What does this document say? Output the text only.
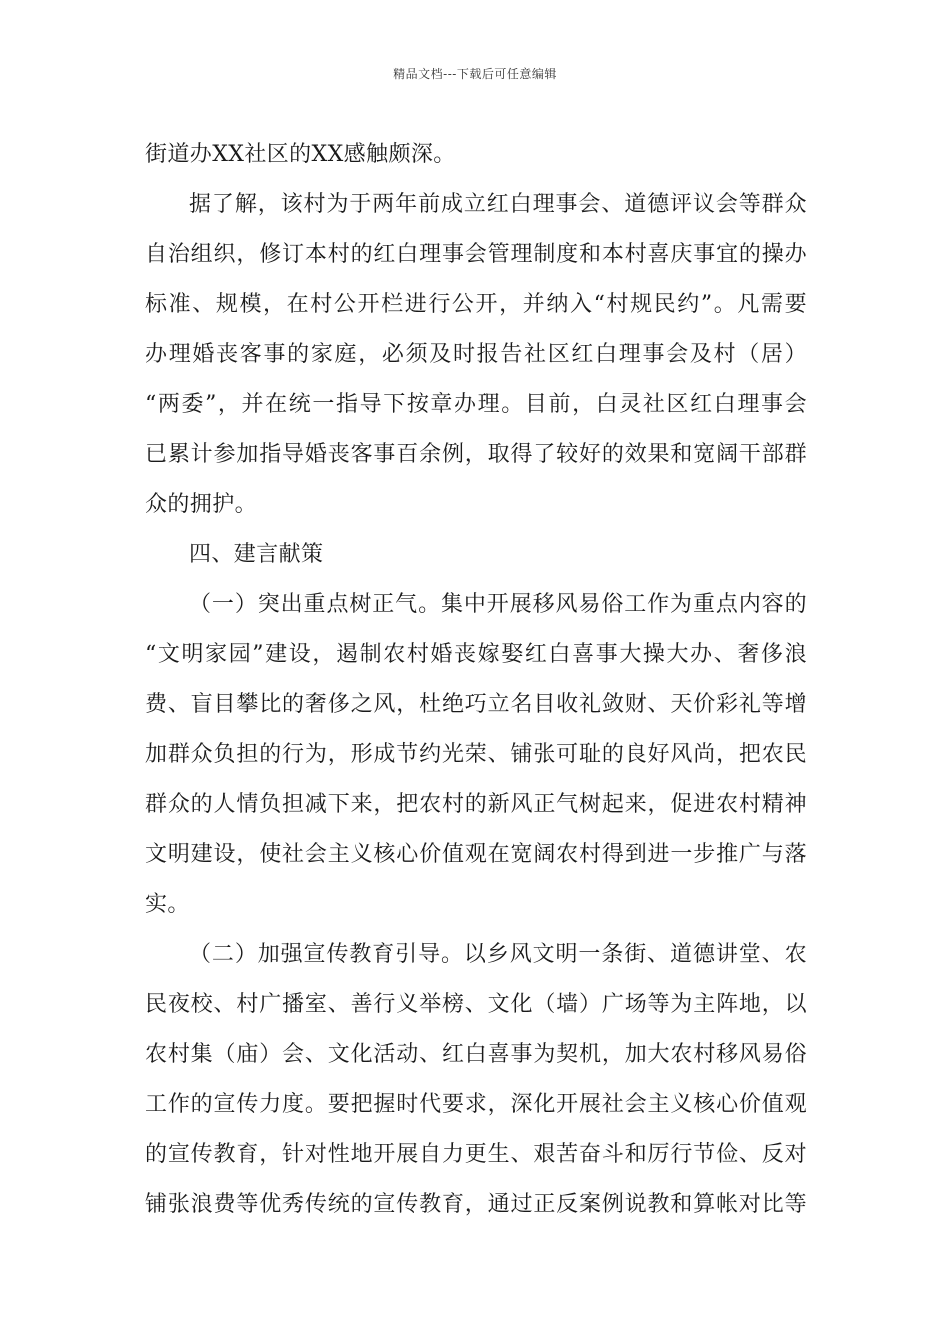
精品文档---下载后可任意编辑
街道办XX社区的XX感触颇深。
据了解，该村为于两年前成立红白理事会、道德评议会等群众
自治组织，修订本村的红白理事会管理制度和本村喜庆事宜的操办
标准、规模，在村公开栏进行公开，并纳入“村规民约”。凡需要
办理婚丧客事的家庭，必须及时报告社区红白理事会及村（居）
“两委”，并在统一指导下按章办理。目前，白灵社区红白理事会
已累计参加指导婚丧客事百余例，取得了较好的效果和宽阔干部群
众的拥护。
四、建言献策
（一）突出重点树正气。集中开展移风易俗工作为重点内容的
“文明家园”建设，遏制农村婚丧嫁娶红白喜事大操大办、奢侈浪
费、盲目攀比的奢侈之风，杜绝巧立名目收礼敛财、天价彩礼等增
加群众负担的行为，形成节约光荣、铺张可耻的良好风尚，把农民
群众的人情负担减下来，把农村的新风正气树起来，促进农村精神
文明建设，使社会主义核心价值观在宽阔农村得到进一步推广与落
实。
（二）加强宣传教育引导。以乡风文明一条街、道德讲堂、农
民夜校、村广播室、善行义举榜、文化（墙）广场等为主阵地，以
农村集（庙）会、文化活动、红白喜事为契机，加大农村移风易俗
工作的宣传力度。要把握时代要求，深化开展社会主义核心价值观
的宣传教育，针对性地开展自力更生、艰苦奋斗和厉行节俭、反对
铺张浪费等优秀传统的宣传教育，通过正反案例说教和算帐对比等
